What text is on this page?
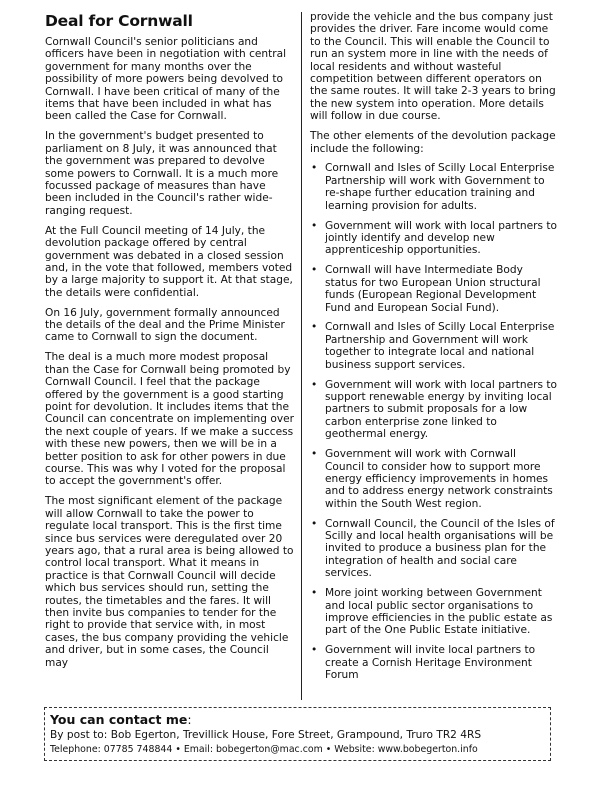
Deal for Cornwall

Cornwall Council's senior politicians and officers have been in negotiation with central government for many months over the possibility of more powers being devolved to Cornwall. I have been critical of many of the items that have been included in what has been called the Case for Cornwall.

In the government's budget presented to parliament on 8 July, it was announced that the government was prepared to devolve some powers to Cornwall. It is a much more focussed package of measures than have been included in the Council's rather wide-ranging request.

At the Full Council meeting of 14 July, the devolution package offered by central government was debated in a closed session and, in the vote that followed, members voted by a large majority to support it. At that stage, the details were confidential.

On 16 July, government formally announced the details of the deal and the Prime Minister came to Cornwall to sign the document.

The deal is a much more modest proposal than the Case for Cornwall being promoted by Cornwall Council. I feel that the package offered by the government is a good starting point for devolution. It includes items that the Council can concentrate on implementing over the next couple of years. If we make a success with these new powers, then we will be in a better position to ask for other powers in due course. This was why I voted for the proposal to accept the government's offer.

The most significant element of the package will allow Cornwall to take the power to regulate local transport. This is the first time since bus services were deregulated over 20 years ago, that a rural area is being allowed to control local transport. What it means in practice is that Cornwall Council will decide which bus services should run, setting the routes, the timetables and the fares. It will then invite bus companies to tender for the right to provide that service with, in most cases, the bus company providing the vehicle and driver, but in some cases, the Council may

provide the vehicle and the bus company just provides the driver. Fare income would come to the Council. This will enable the Council to run an system more in line with the needs of local residents and without wasteful competition between different operators on the same routes. It will take 2-3 years to bring the new system into operation. More details will follow in due course.

The other elements of the devolution package include the following:

• Cornwall and Isles of Scilly Local Enterprise Partnership will work with Government to re-shape further education training and learning provision for adults.
• Government will work with local partners to jointly identify and develop new apprenticeship opportunities.
• Cornwall will have Intermediate Body status for two European Union structural funds (European Regional Development Fund and European Social Fund).
• Cornwall and Isles of Scilly Local Enterprise Partnership and Government will work together to integrate local and national business support services.
• Government will work with local partners to support renewable energy by inviting local partners to submit proposals for a low carbon enterprise zone linked to geothermal energy.
• Government will work with Cornwall Council to consider how to support more energy efficiency improvements in homes and to address energy network constraints within the South West region.
• Cornwall Council, the Council of the Isles of Scilly and local health organisations will be invited to produce a business plan for the integration of health and social care services.
• More joint working between Government and local public sector organisations to improve efficiencies in the public estate as part of the One Public Estate initiative.
• Government will invite local partners to create a Cornish Heritage Environment Forum
You can contact me:
By post to: Bob Egerton, Trevillick House, Fore Street, Grampound, Truro TR2 4RS
Telephone: 07785 748844 • Email: bobegerton@mac.com • Website: www.bobegerton.info
